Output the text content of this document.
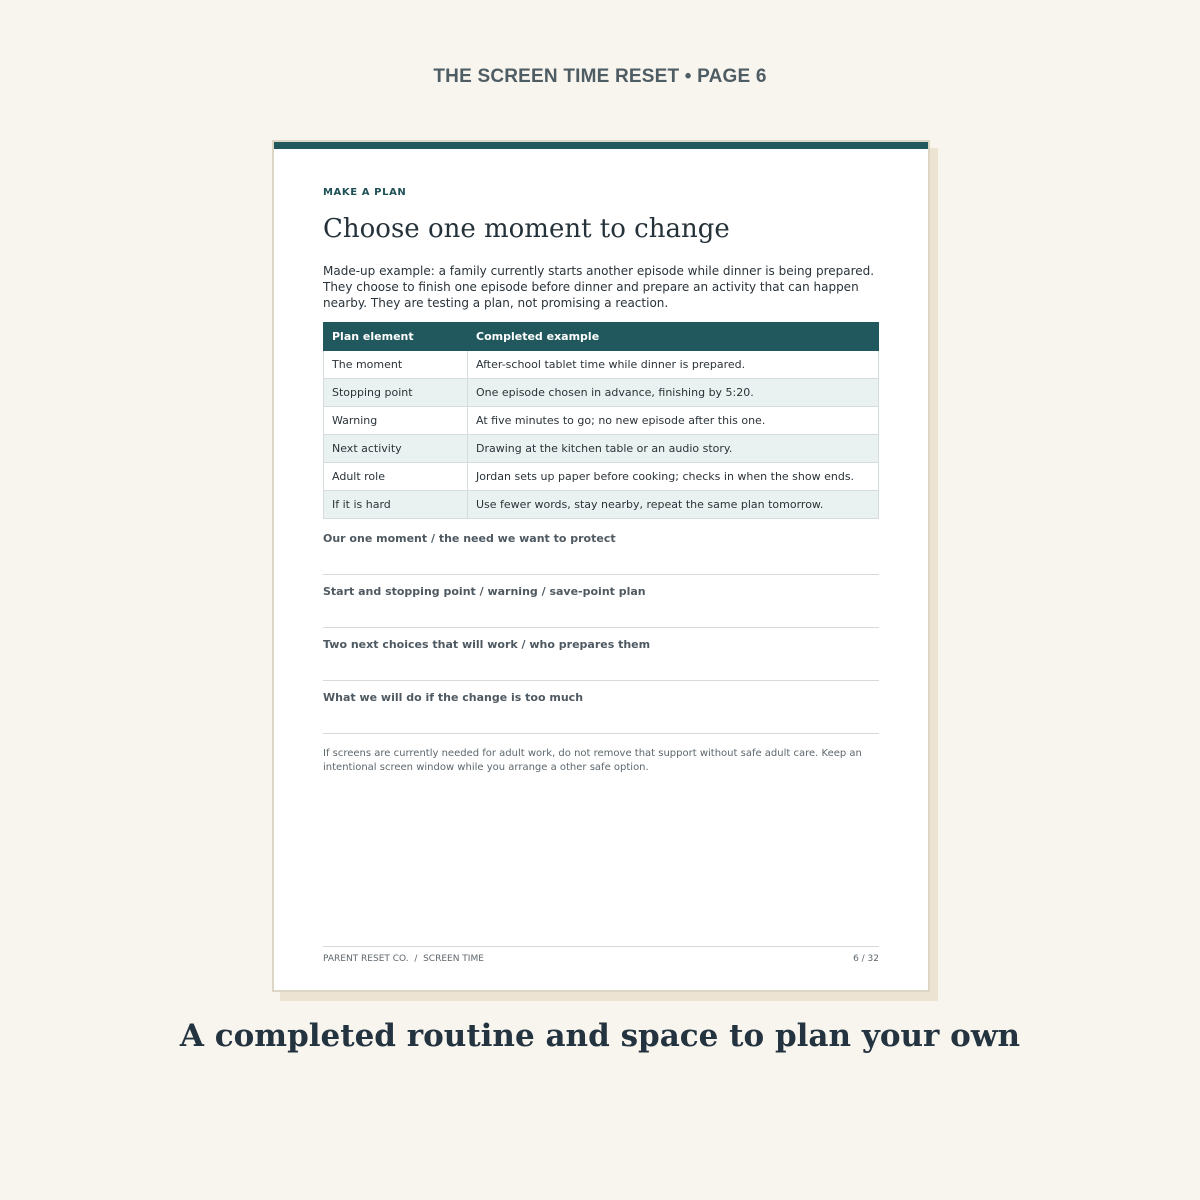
THE SCREEN TIME RESET • PAGE 6
MAKE A PLAN
Choose one moment to change
Made-up example: a family currently starts another episode while dinner is being prepared. They choose to finish one episode before dinner and prepare an activity that can happen nearby. They are testing a plan, not promising a reaction.
Plan element	Completed example
The moment	After-school tablet time while dinner is prepared.
Stopping point	One episode chosen in advance, finishing by 5:20.
Warning	At five minutes to go; no new episode after this one.
Next activity	Drawing at the kitchen table or an audio story.
Adult role	Jordan sets up paper before cooking; checks in when the show ends.
If it is hard	Use fewer words, stay nearby, repeat the same plan tomorrow.
Our one moment / the need we want to protect
Start and stopping point / warning / save-point plan
Two next choices that will work / who prepares them
What we will do if the change is too much
If screens are currently needed for adult work, do not remove that support without safe adult care. Keep an intentional screen window while you arrange a other safe option.
PARENT RESET CO.  /  SCREEN TIME	6 / 32
A completed routine and space to plan your own
